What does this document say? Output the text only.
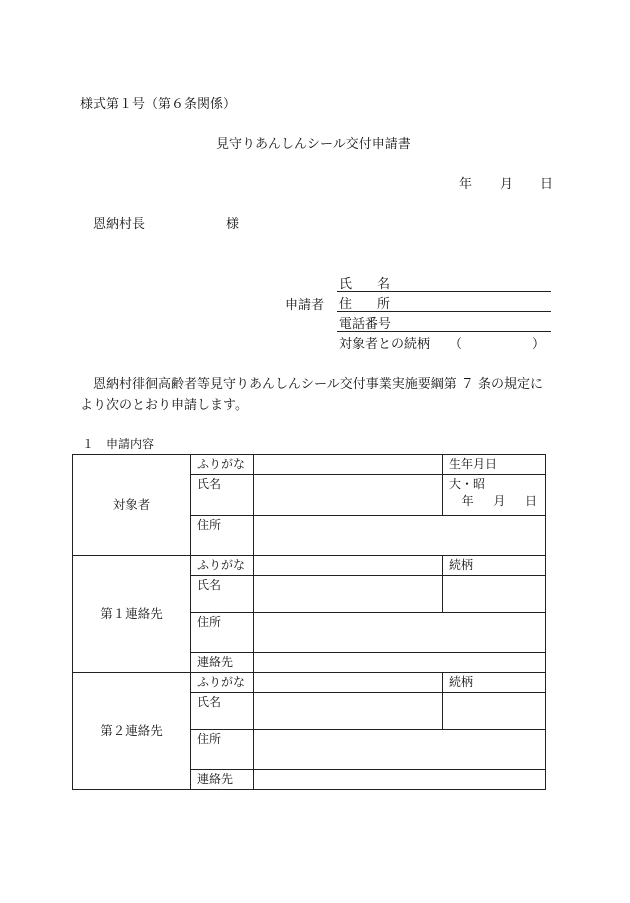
様式第１号（第６条関係）
見守りあんしんシール交付申請書
年 月 日
恩納村長	様
申請者
氏 名
住 所
電話番号
対象者との続柄 （	）
恩納村徘徊高齢者等見守りあんしんシール交付事業実施要綱第 ７ 条の規定に
より次のとおり申請します。
１　申請内容
対象者	ふりがな		生年月日
	氏名		大・昭
年 月 日

	住所		
第１連絡先	ふりがな		続柄
	氏名		
	住所		
	連絡先		
第２連絡先	ふりがな		続柄
	氏名		
	住所		
	連絡先		
